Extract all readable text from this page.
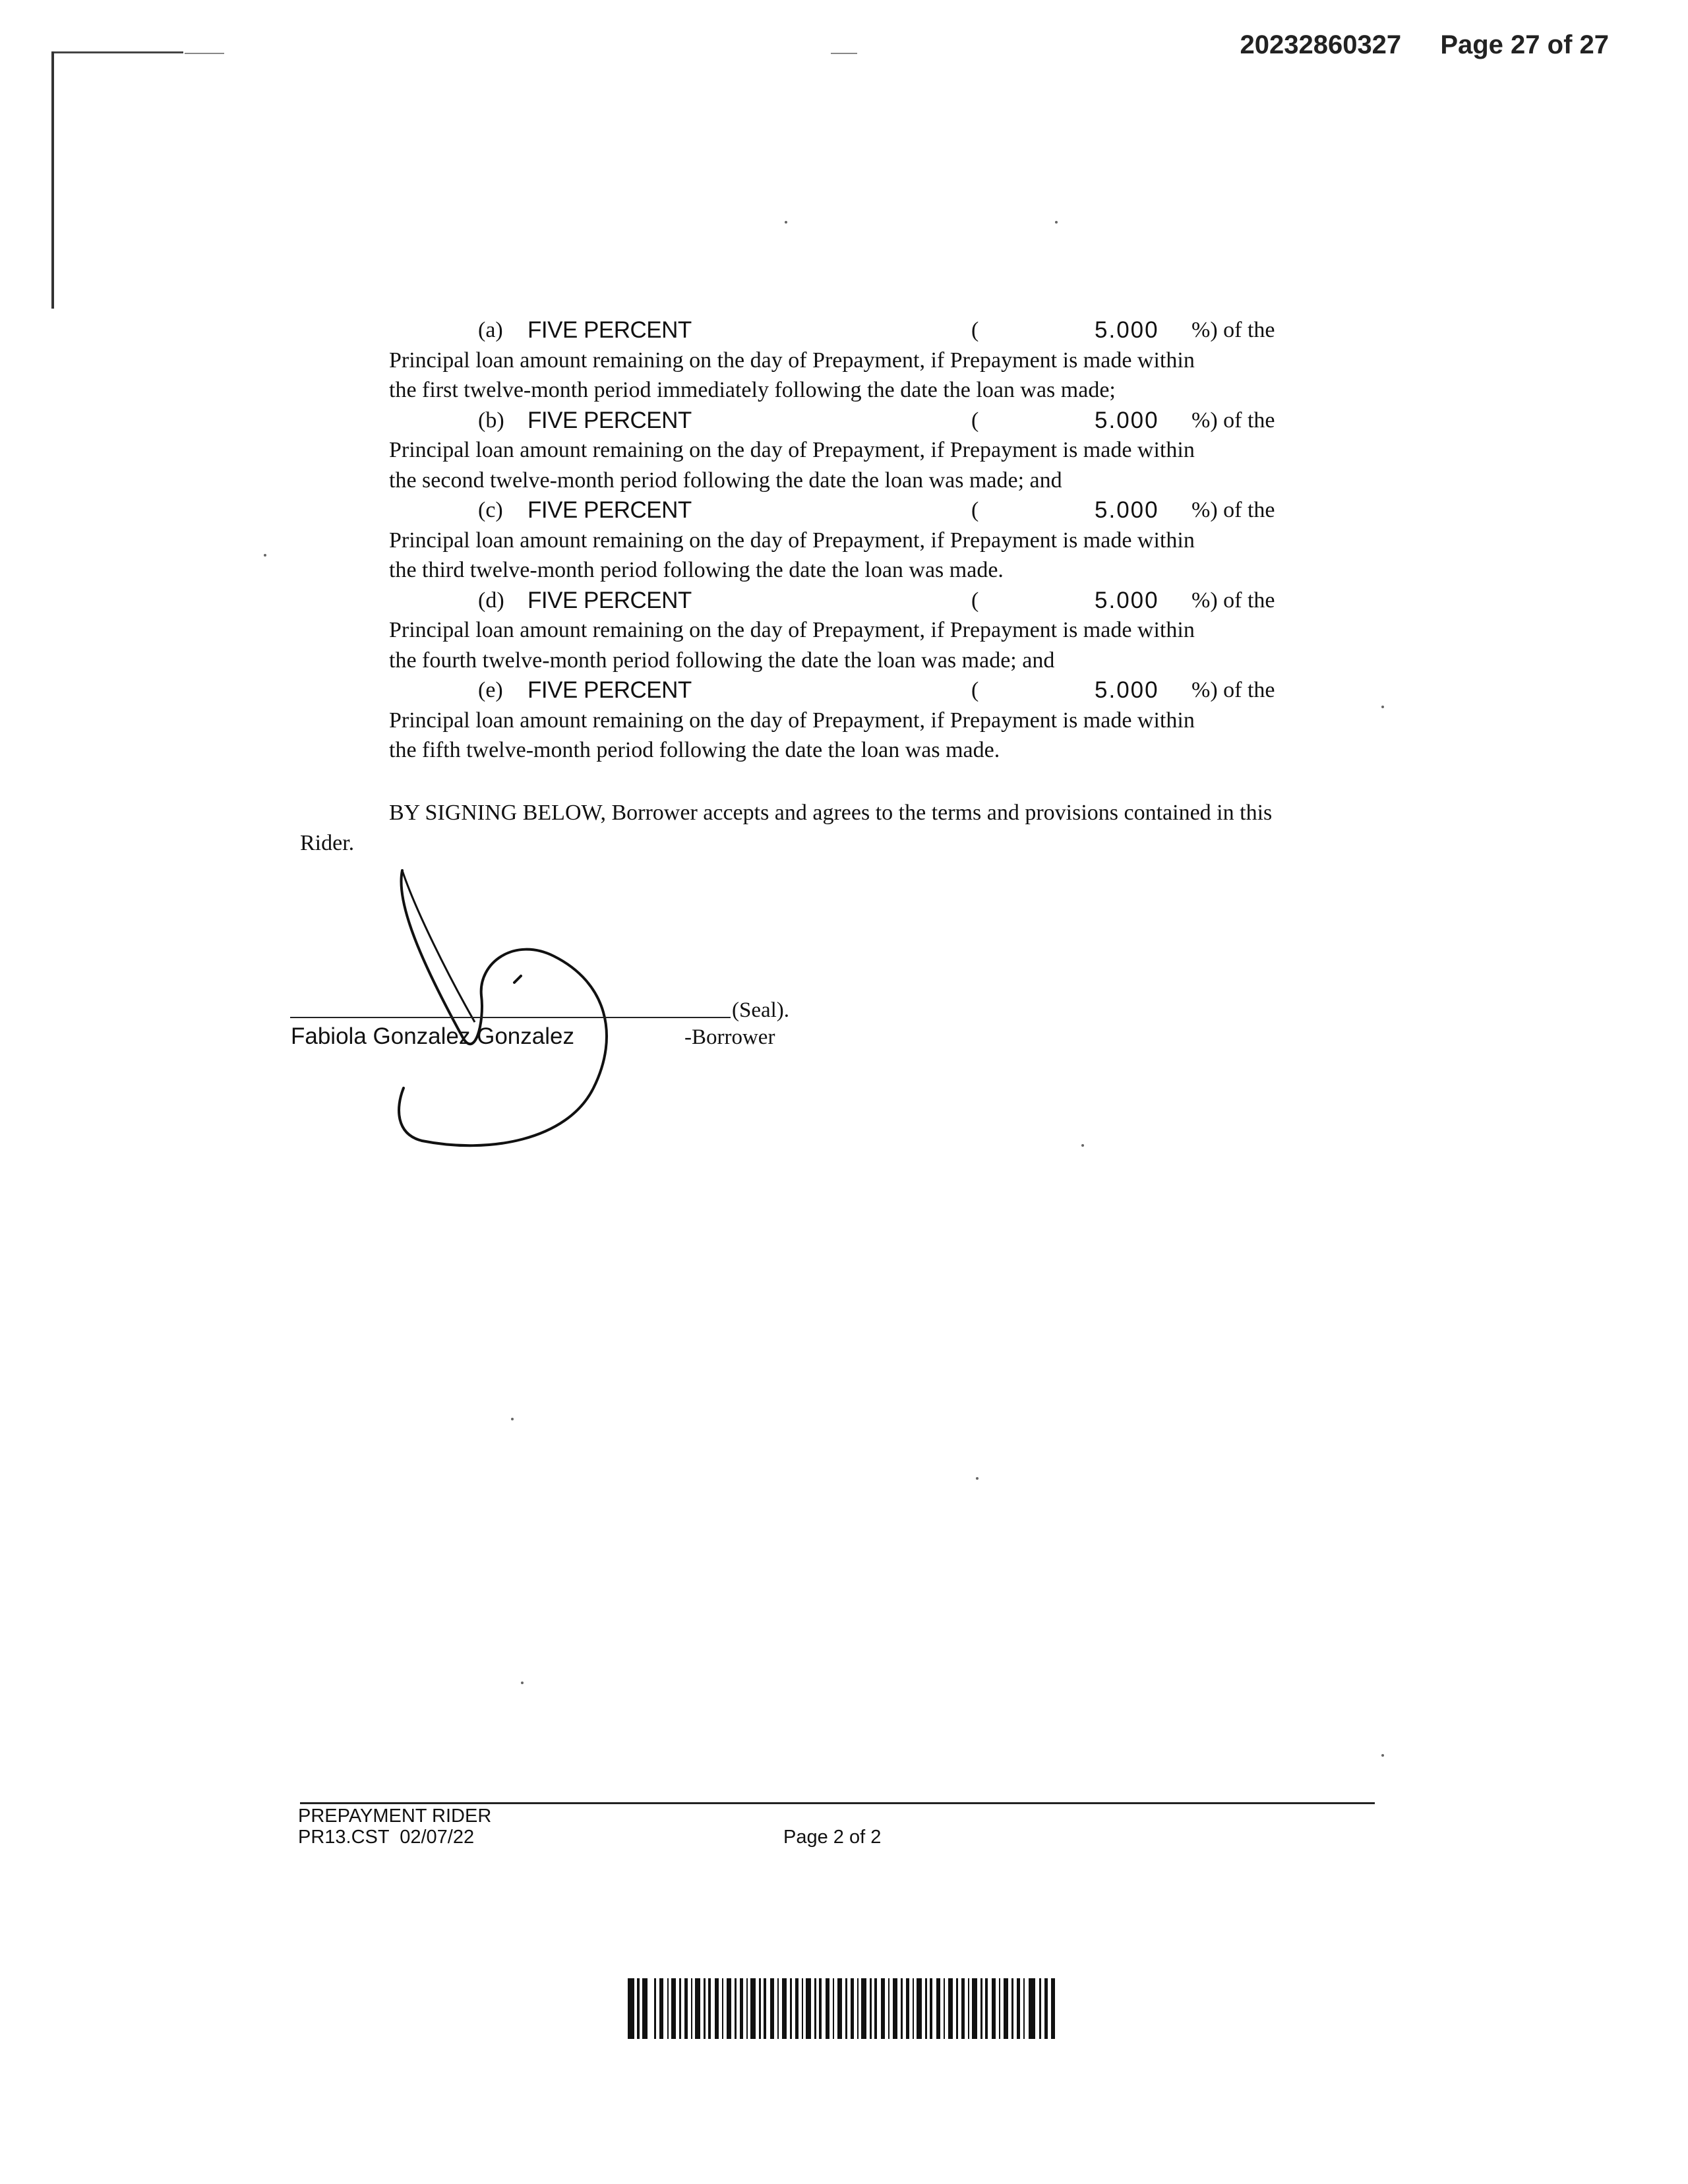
20232860327 Page 27 of 27
(a) FIVE PERCENT	(	5.000 %) of the
Principal loan amount remaining on the day of Prepayment, if Prepayment is made within
the first twelve-month period immediately following the date the loan was made;
(b) FIVE PERCENT	(	5.000 %) of the
Principal loan amount remaining on the day of Prepayment, if Prepayment is made within
the second twelve-month period following the date the loan was made; and
(c) FIVE PERCENT	(	5.000 %) of the
Principal loan amount remaining on the day of Prepayment, if Prepayment is made within
the third twelve-month period following the date the loan was made.
(d) FIVE PERCENT	(	5.000 %) of the
Principal loan amount remaining on the day of Prepayment, if Prepayment is made within
the fourth twelve-month period following the date the loan was made; and
(e) FIVE PERCENT	(	5.000 %) of the
Principal loan amount remaining on the day of Prepayment, if Prepayment is made within
the fifth twelve-month period following the date the loan was made.
BY SIGNING BELOW, Borrower accepts and agrees to the terms and provisions contained in this
Rider.
(Seal).
Fabiola Gonzalez Gonzalez	-Borrower
PREPAYMENT RIDER
PR13.CST  02/07/22	Page 2 of 2
